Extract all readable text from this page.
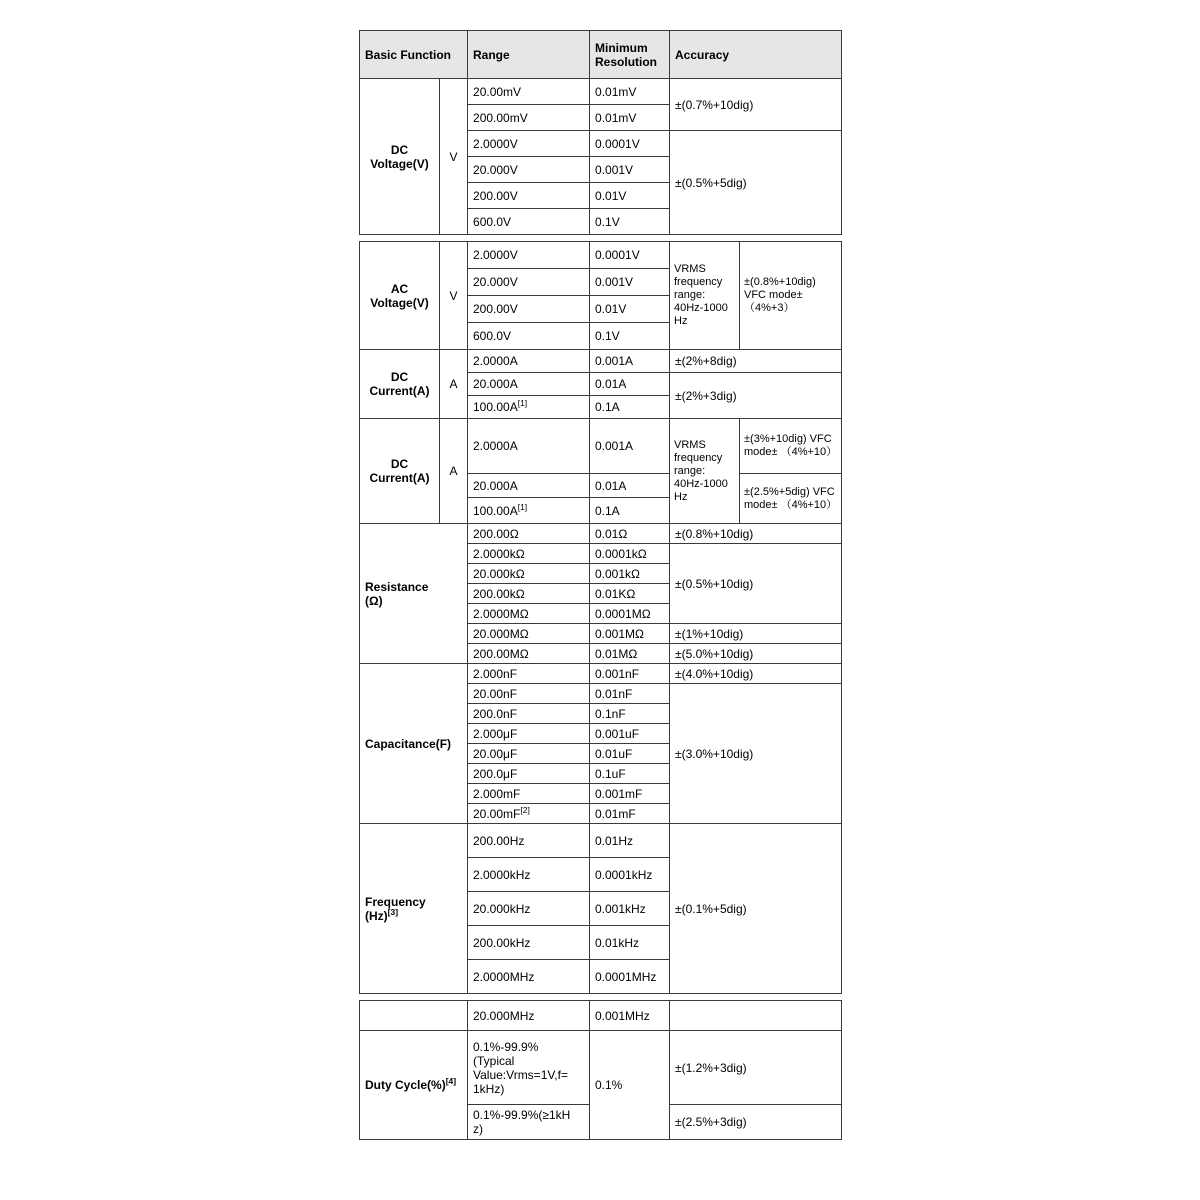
Basic Function		Range	Minimum Resolution	Accuracy
DC Voltage(V)	V	20.00mV	0.01mV	±(0.7%+10dig)
		200.00mV	0.01mV	
		2.0000V	0.0001V	±(0.5%+5dig)
		20.000V	0.001V	
		200.00V	0.01V	
		600.0V	0.1V	
AC Voltage(V)	V	2.0000V	0.0001V	VRMS frequency range: 40Hz-1000 Hz	±(0.8%+10dig) VFC mode± （4%+3）
		20.000V	0.001V		
		200.00V	0.01V		
		600.0V	0.1V		
DC Current(A)	A	2.0000A	0.001A	±(2%+8dig)	
		20.000A	0.01A	±(2%+3dig)	
		100.00A[1]	0.1A		
DC Current(A)	A	2.0000A	0.001A	VRMS frequency range: 40Hz-1000 Hz	±(3%+10dig) VFC mode± （4%+10）
		20.000A	0.01A		±(2.5%+5dig) VFC mode± （4%+10）
		100.00A[1]	0.1A		

Resistance
(Ω)		200.00Ω	0.01Ω	±(0.8%+10dig)	
		2.0000kΩ	0.0001kΩ	±(0.5%+10dig)	
		20.000kΩ	0.001kΩ		
		200.00kΩ	0.01KΩ		
		2.0000MΩ	0.0001MΩ		
		20.000MΩ	0.001MΩ	±(1%+10dig)	
		200.00MΩ	0.01MΩ	±(5.0%+10dig)	
Capacitance(F)		2.000nF	0.001nF	±(4.0%+10dig)	
		20.00nF	0.01nF	±(3.0%+10dig)	
		200.0nF	0.1nF		
		2.000μF	0.001uF		
		20.00μF	0.01uF		
		200.0μF	0.1uF		
		2.000mF	0.001mF		
		20.00mF[2]	0.01mF		

Frequency
(Hz)[3]		200.00Hz	0.01Hz	±(0.1%+5dig)	
		2.0000kHz	0.0001kHz		
		20.000kHz	0.001kHz		
		200.00kHz	0.01kHz		
		2.0000MHz	0.0001MHz		
	20.000MHz	0.001MHz	
Duty Cycle(%)[4]	0.1%-99.9% (Typical Value:Vrms=1V,f= 1kHz)	0.1%	±(1.2%+3dig)
	0.1%-99.9%(≥1kHz)		±(2.5%+3dig)
